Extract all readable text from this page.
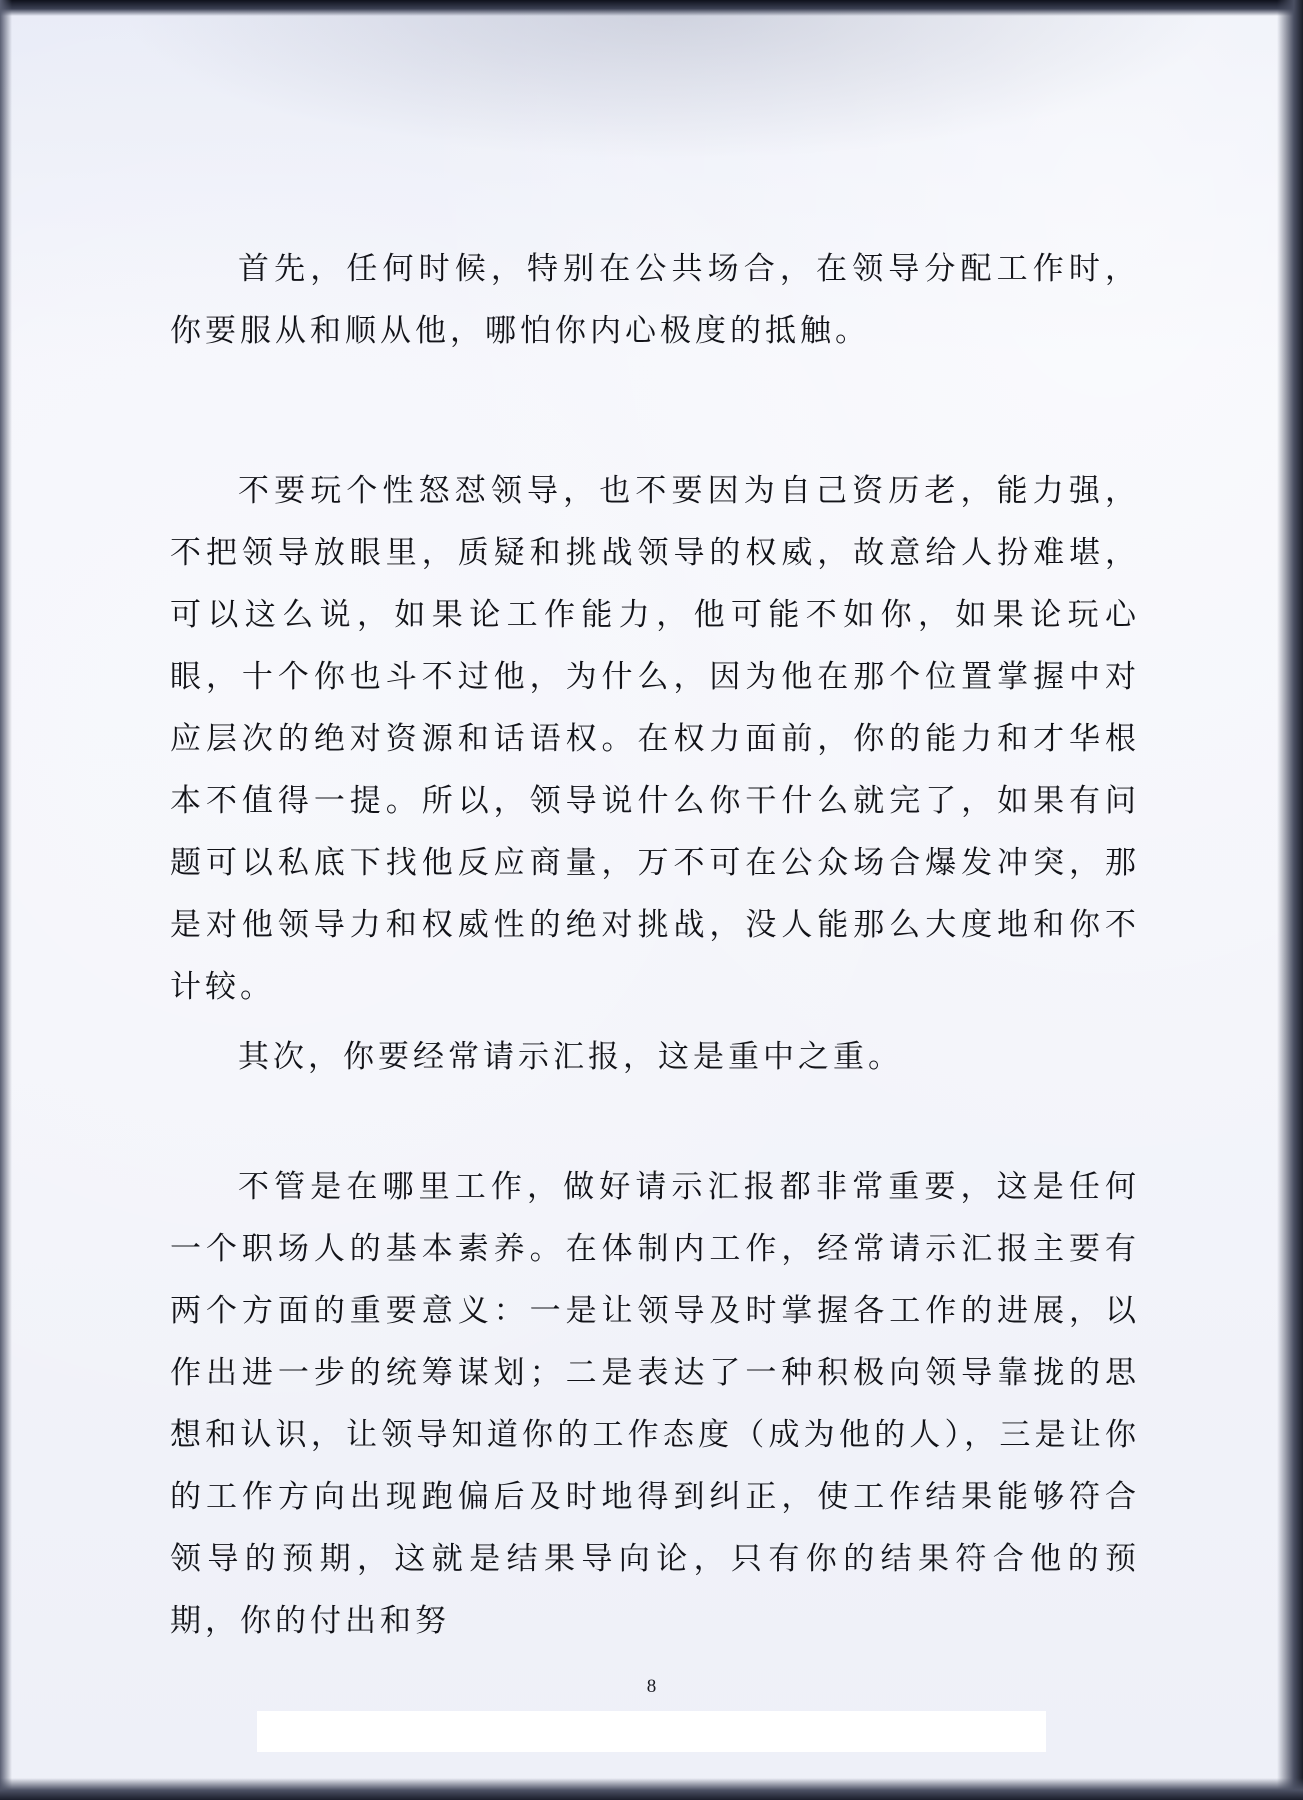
首先，任何时候，特别在公共场合，在领导分配工作时，你要服从和顺从他，哪怕你内心极度的抵触。

不要玩个性怒怼领导，也不要因为自己资历老，能力强，不把领导放眼里，质疑和挑战领导的权威，故意给人扮难堪，可以这么说，如果论工作能力，他可能不如你，如果论玩心眼，十个你也斗不过他，为什么，因为他在那个位置掌握中对应层次的绝对资源和话语权。在权力面前，你的能力和才华根本不值得一提。所以，领导说什么你干什么就完了，如果有问题可以私底下找他反应商量，万不可在公众场合爆发冲突，那是对他领导力和权威性的绝对挑战，没人能那么大度地和你不计较。

其次，你要经常请示汇报，这是重中之重。

不管是在哪里工作，做好请示汇报都非常重要，这是任何一个职场人的基本素养。在体制内工作，经常请示汇报主要有两个方面的重要意义：一是让领导及时掌握各工作的进展，以作出进一步的统筹谋划；二是表达了一种积极向领导靠拢的思想和认识，让领导知道你的工作态度（成为他的人），三是让你的工作方向出现跑偏后及时地得到纠正，使工作结果能够符合领导的预期，这就是结果导向论，只有你的结果符合他的预期，你的付出和努

8
